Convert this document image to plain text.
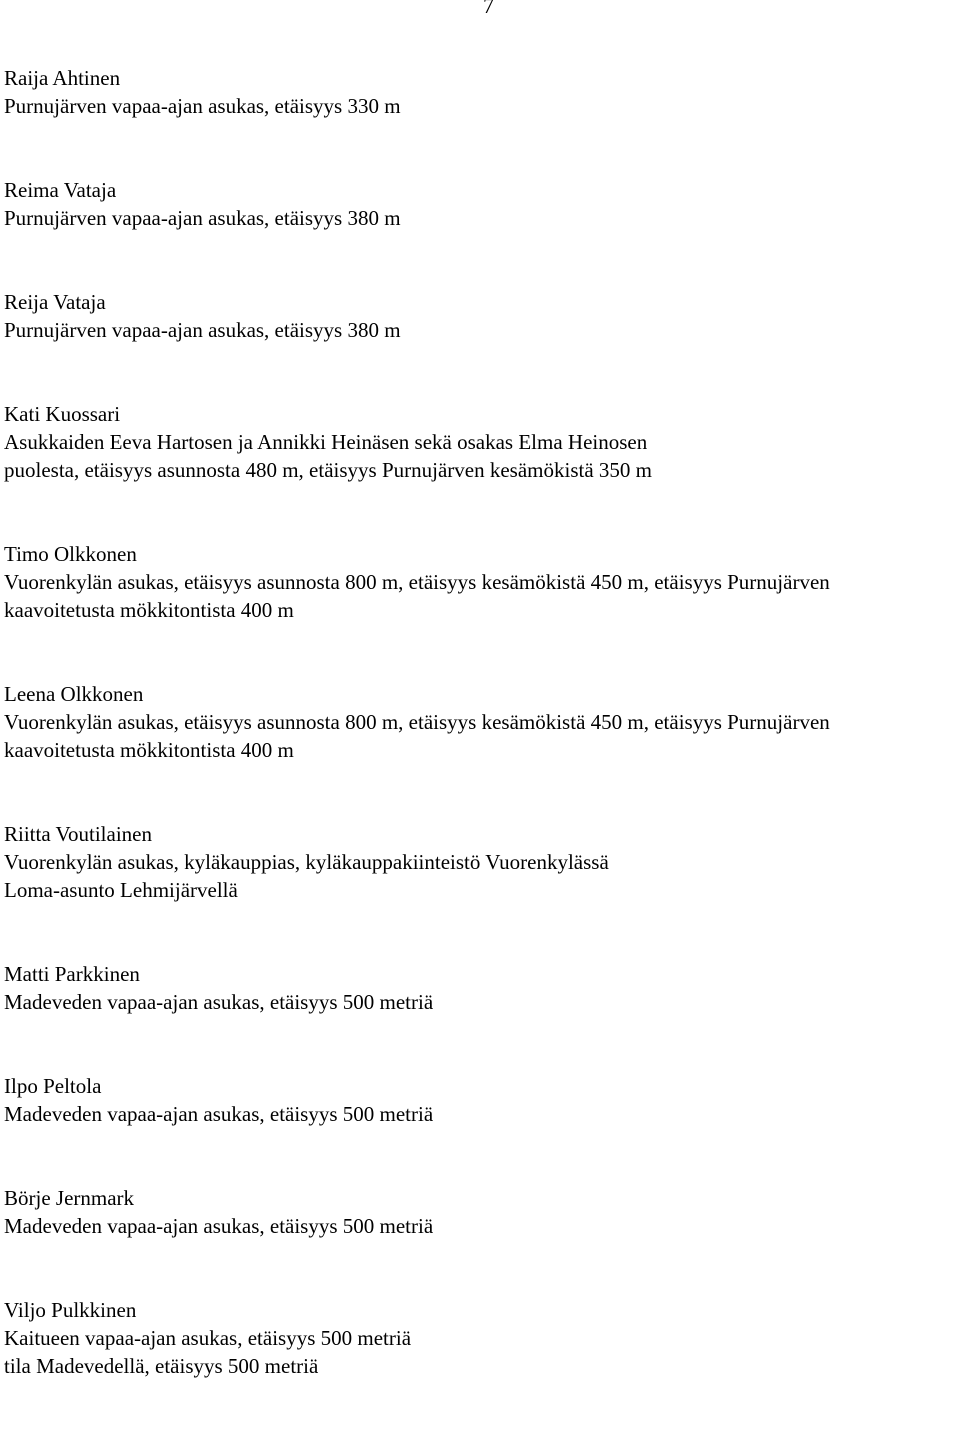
7

Raija Ahtinen

Purnujärven vapaa-ajan asukas, etäisyys 330 m

Reima Vataja

Purnujärven vapaa-ajan asukas, etäisyys 380 m

Reija Vataja

Purnujärven vapaa-ajan asukas, etäisyys 380 m

Kati Kuossari

Asukkaiden Eeva Hartosen ja Annikki Heinäsen sekä osakas Elma Heinosen

puolesta, etäisyys asunnosta 480 m, etäisyys Purnujärven kesämökistä 350 m

Timo Olkkonen

Vuorenkylän asukas, etäisyys asunnosta 800 m, etäisyys kesämökistä 450 m, etäisyys Purnujärven

kaavoitetusta mökkitontista 400 m

Leena Olkkonen

Vuorenkylän asukas, etäisyys asunnosta 800 m, etäisyys kesämökistä 450 m, etäisyys Purnujärven

kaavoitetusta mökkitontista 400 m

Riitta Voutilainen

Vuorenkylän asukas, kyläkauppias, kyläkauppakiinteistö Vuorenkylässä

Loma-asunto Lehmijärvellä

Matti Parkkinen

Madeveden vapaa-ajan asukas, etäisyys 500 metriä

Ilpo Peltola

Madeveden vapaa-ajan asukas, etäisyys 500 metriä

Börje Jernmark

Madeveden vapaa-ajan asukas, etäisyys 500 metriä

Viljo Pulkkinen

Kaitueen vapaa-ajan asukas, etäisyys 500 metriä

tila Madevedellä, etäisyys 500 metriä
